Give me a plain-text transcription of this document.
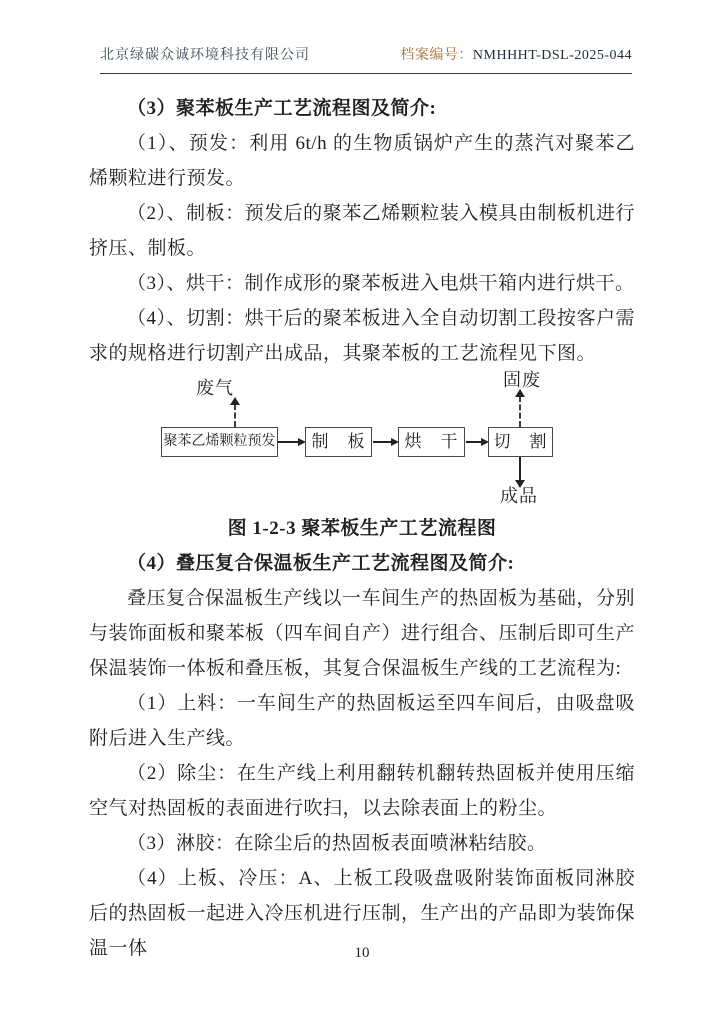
北京绿碳众诚环境科技有限公司	档案编号：NMHHHT-DSL-2025-044
（3）聚苯板生产工艺流程图及简介:

（1）、预发：利用 6t/h 的生物质锅炉产生的蒸汽对聚苯乙烯颗粒进行预发。

（2）、制板：预发后的聚苯乙烯颗粒装入模具由制板机进行挤压、制板。

（3）、烘干：制作成形的聚苯板进入电烘干箱内进行烘干。

（4）、切割：烘干后的聚苯板进入全自动切割工段按客户需求的规格进行切割产出成品，其聚苯板的工艺流程见下图。

废气	固废
聚苯乙烯颗粒预发	制　板	烘　干	切　割
成品

图 1-2-3 聚苯板生产工艺流程图

（4）叠压复合保温板生产工艺流程图及简介:

叠压复合保温板生产线以一车间生产的热固板为基础，分别与装饰面板和聚苯板（四车间自产）进行组合、压制后即可生产保温装饰一体板和叠压板，其复合保温板生产线的工艺流程为:

（1）上料：一车间生产的热固板运至四车间后，由吸盘吸附后进入生产线。

（2）除尘：在生产线上利用翻转机翻转热固板并使用压缩空气对热固板的表面进行吹扫，以去除表面上的粉尘。

（3）淋胶：在除尘后的热固板表面喷淋粘结胶。

（4）上板、冷压：A、上板工段吸盘吸附装饰面板同淋胶后的热固板一起进入冷压机进行压制，生产出的产品即为装饰保温一体	10
